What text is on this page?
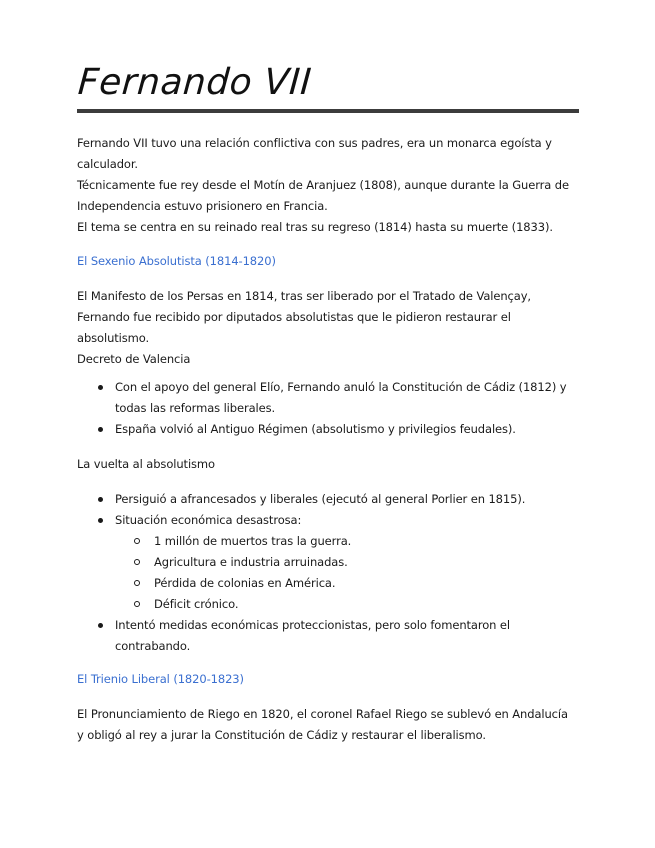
Fernando VII

Fernando VII tuvo una relación conflictiva con sus padres, era un monarca egoísta y calculador.

Técnicamente fue rey desde el Motín de Aranjuez (1808), aunque durante la Guerra de Independencia estuvo prisionero en Francia.

El tema se centra en su reinado real tras su regreso (1814) hasta su muerte (1833).

El Sexenio Absolutista (1814-1820)

El Manifesto de los Persas en 1814, tras ser liberado por el Tratado de Valençay, Fernando fue recibido por diputados absolutistas que le pidieron restaurar el absolutismo.

Decreto de Valencia

Con el apoyo del general Elío, Fernando anuló la Constitución de Cádiz (1812) y todas las reformas liberales.
España volvió al Antiguo Régimen (absolutismo y privilegios feudales).

La vuelta al absolutismo

Persiguió a afrancesados y liberales (ejecutó al general Porlier en 1815).
Situación económica desastrosa:
1 millón de muertos tras la guerra.
Agricultura e industria arruinadas.
Pérdida de colonias en América.
Déficit crónico.
Intentó medidas económicas proteccionistas, pero solo fomentaron el contrabando.

El Trienio Liberal (1820-1823)

El Pronunciamiento de Riego en 1820, el coronel Rafael Riego se sublevó en Andalucía y obligó al rey a jurar la Constitución de Cádiz y restaurar el liberalismo.
